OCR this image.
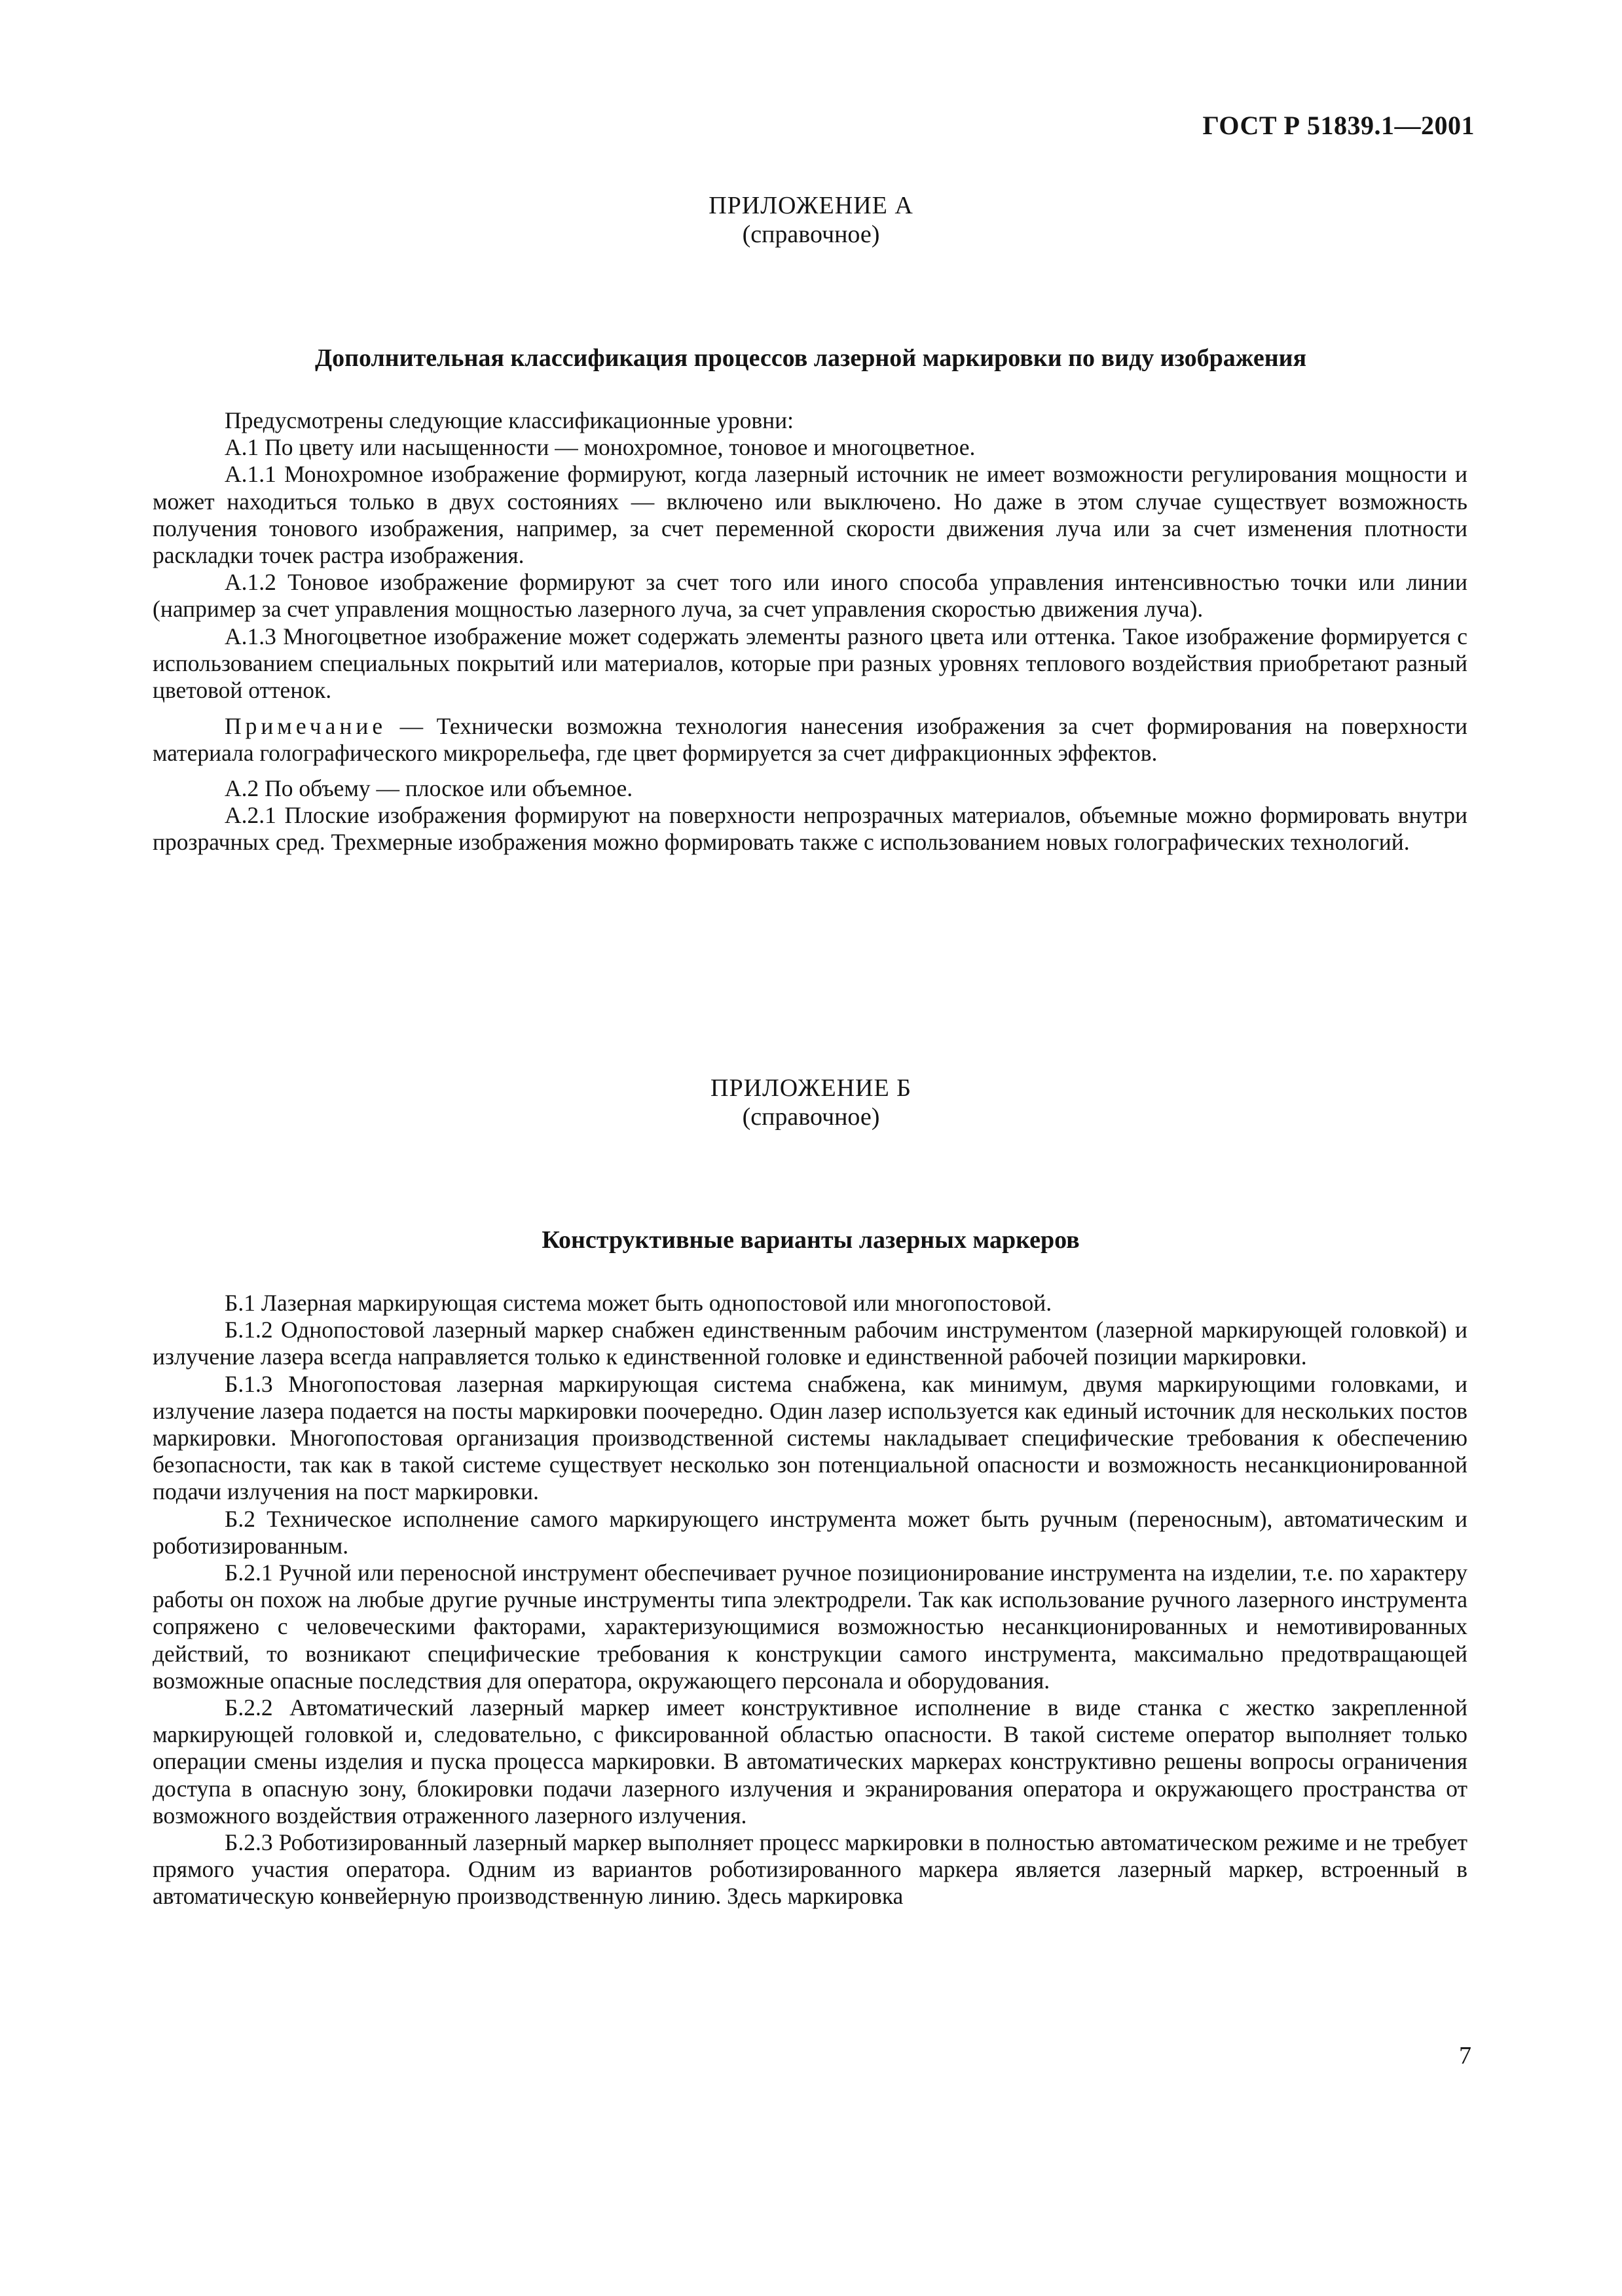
ГОСТ Р 51839.1—2001
ПРИЛОЖЕНИЕ А
(справочное)
Дополнительная классификация процессов лазерной маркировки по виду изображения

Предусмотрены следующие классификационные уровни:

А.1 По цвету или насыщенности — монохромное, тоновое и многоцветное.

А.1.1 Монохромное изображение формируют, когда лазерный источник не имеет возможности регулирования мощности и может находиться только в двух состояниях — включено или выключено. Но даже в этом случае существует возможность получения тонового изображения, например, за счет переменной скорости движения луча или за счет изменения плотности раскладки точек растра изображения.

А.1.2 Тоновое изображение формируют за счет того или иного способа управления интенсивностью точки или линии (например за счет управления мощностью лазерного луча, за счет управления скоростью движения луча).

А.1.3 Многоцветное изображение может содержать элементы разного цвета или оттенка. Такое изображение формируется с использованием специальных покрытий или материалов, которые при разных уровнях теплового воздействия приобретают разный цветовой оттенок.

Примечание — Технически возможна технология нанесения изображения за счет формирования на поверхности материала голографического микрорельефа, где цвет формируется за счет дифракционных эффектов.

А.2 По объему — плоское или объемное.

А.2.1 Плоские изображения формируют на поверхности непрозрачных материалов, объемные можно формировать внутри прозрачных сред. Трехмерные изображения можно формировать также с использованием новых голографических технологий.

ПРИЛОЖЕНИЕ Б
(справочное)
Конструктивные варианты лазерных маркеров

Б.1 Лазерная маркирующая система может быть однопостовой или многопостовой.

Б.1.2 Однопостовой лазерный маркер снабжен единственным рабочим инструментом (лазерной маркирующей головкой) и излучение лазера всегда направляется только к единственной головке и единственной рабочей позиции маркировки.

Б.1.3 Многопостовая лазерная маркирующая система снабжена, как минимум, двумя маркирующими головками, и излучение лазера подается на посты маркировки поочередно. Один лазер используется как единый источник для нескольких постов маркировки. Многопостовая организация производственной системы накладывает специфические требования к обеспечению безопасности, так как в такой системе существует несколько зон потенциальной опасности и возможность несанкционированной подачи излучения на пост маркировки.

Б.2 Техническое исполнение самого маркирующего инструмента может быть ручным (переносным), автоматическим и роботизированным.

Б.2.1 Ручной или переносной инструмент обеспечивает ручное позиционирование инструмента на изделии, т.е. по характеру работы он похож на любые другие ручные инструменты типа электродрели. Так как использование ручного лазерного инструмента сопряжено с человеческими факторами, характеризующимися возможностью несанкционированных и немотивированных действий, то возникают специфические требования к конструкции самого инструмента, максимально предотвращающей возможные опасные последствия для оператора, окружающего персонала и оборудования.

Б.2.2 Автоматический лазерный маркер имеет конструктивное исполнение в виде станка с жестко закрепленной маркирующей головкой и, следовательно, с фиксированной областью опасности. В такой системе оператор выполняет только операции смены изделия и пуска процесса маркировки. В автоматических маркерах конструктивно решены вопросы ограничения доступа в опасную зону, блокировки подачи лазерного излучения и экранирования оператора и окружающего пространства от возможного воздействия отраженного лазерного излучения.

Б.2.3 Роботизированный лазерный маркер выполняет процесс маркировки в полностью автоматическом режиме и не требует прямого участия оператора. Одним из вариантов роботизированного маркера является лазерный маркер, встроенный в автоматическую конвейерную производственную линию. Здесь маркировка

7
